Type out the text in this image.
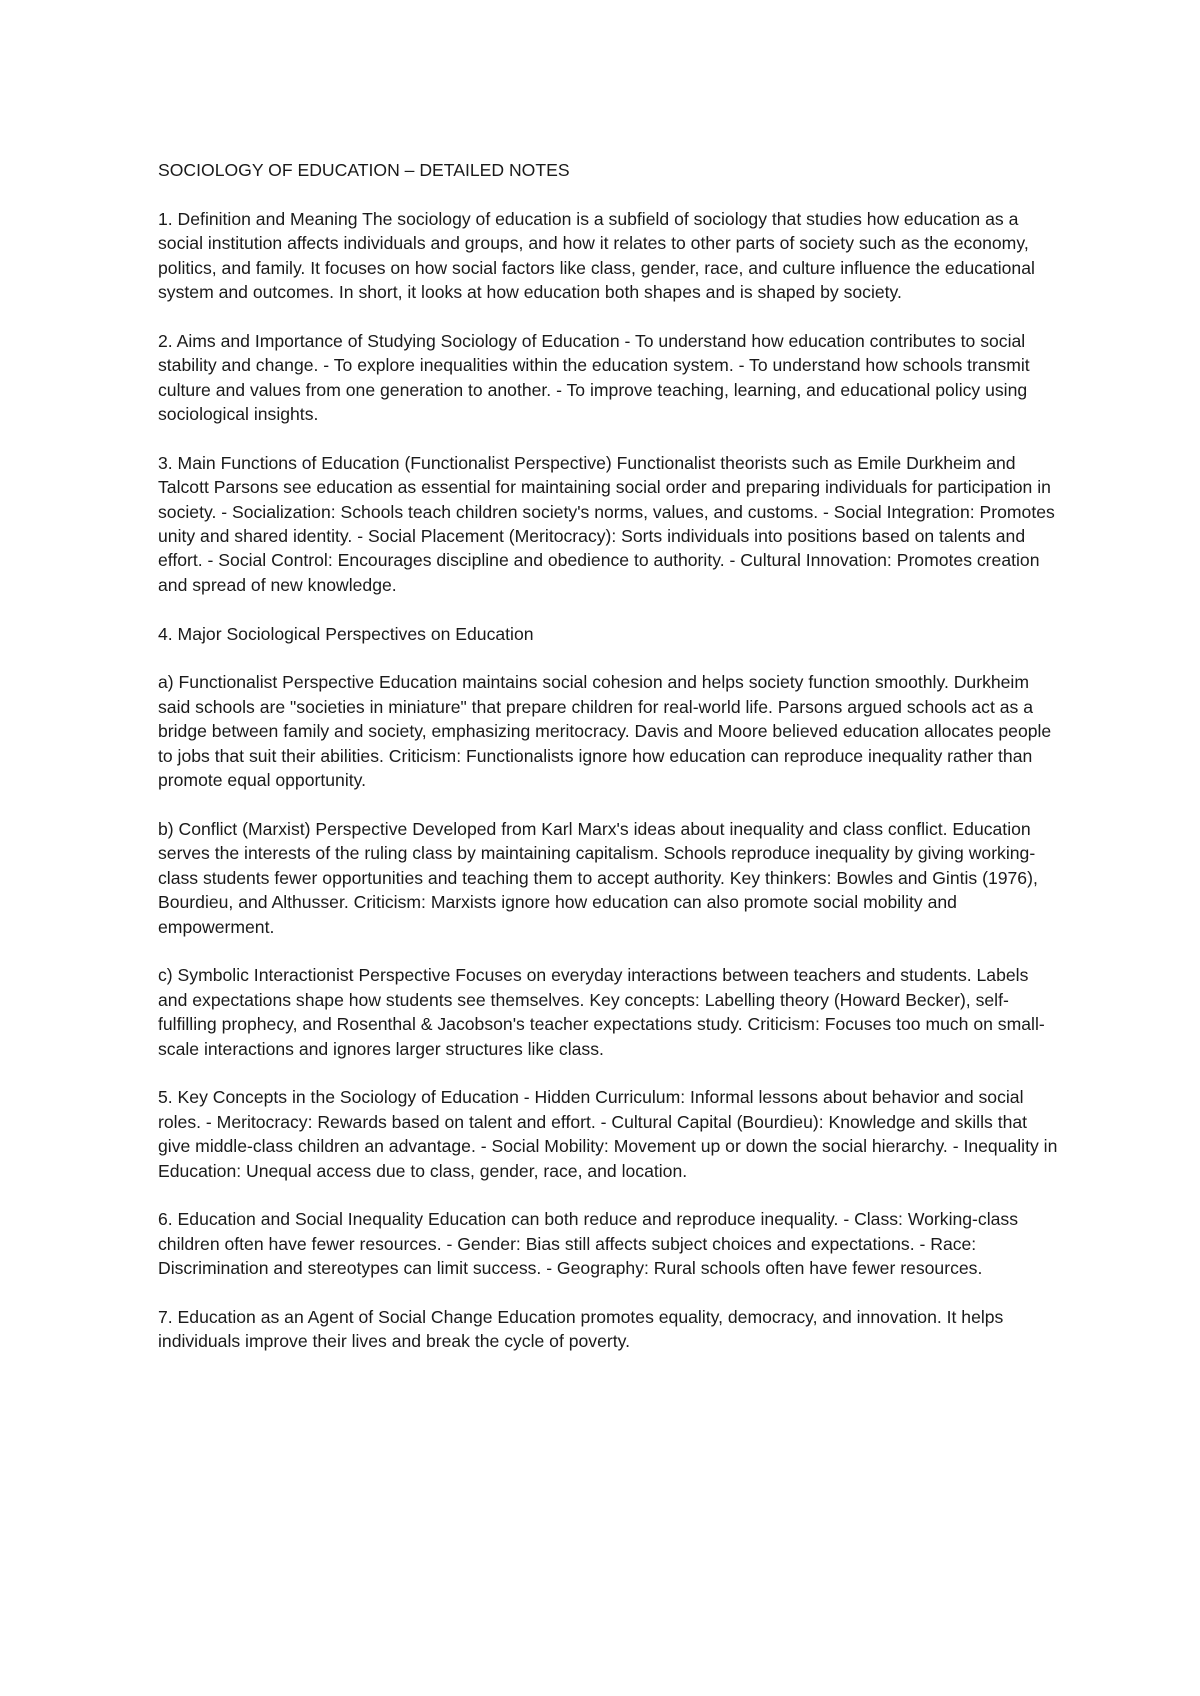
SOCIOLOGY OF EDUCATION – DETAILED NOTES

1. Definition and Meaning The sociology of education is a subfield of sociology that studies how education as a social institution affects individuals and groups, and how it relates to other parts of society such as the economy, politics, and family. It focuses on how social factors like class, gender, race, and culture influence the educational system and outcomes. In short, it looks at how education both shapes and is shaped by society.

2. Aims and Importance of Studying Sociology of Education - To understand how education contributes to social stability and change. - To explore inequalities within the education system. - To understand how schools transmit culture and values from one generation to another. - To improve teaching, learning, and educational policy using sociological insights.

3. Main Functions of Education (Functionalist Perspective) Functionalist theorists such as Emile Durkheim and Talcott Parsons see education as essential for maintaining social order and preparing individuals for participation in society. - Socialization: Schools teach children society's norms, values, and customs. - Social Integration: Promotes unity and shared identity. - Social Placement (Meritocracy): Sorts individuals into positions based on talents and effort. - Social Control: Encourages discipline and obedience to authority. - Cultural Innovation: Promotes creation and spread of new knowledge.

4. Major Sociological Perspectives on Education

a) Functionalist Perspective Education maintains social cohesion and helps society function smoothly. Durkheim said schools are "societies in miniature" that prepare children for real-world life. Parsons argued schools act as a bridge between family and society, emphasizing meritocracy. Davis and Moore believed education allocates people to jobs that suit their abilities. Criticism: Functionalists ignore how education can reproduce inequality rather than promote equal opportunity.

b) Conflict (Marxist) Perspective Developed from Karl Marx's ideas about inequality and class conflict. Education serves the interests of the ruling class by maintaining capitalism. Schools reproduce inequality by giving working-class students fewer opportunities and teaching them to accept authority. Key thinkers: Bowles and Gintis (1976), Bourdieu, and Althusser. Criticism: Marxists ignore how education can also promote social mobility and empowerment.

c) Symbolic Interactionist Perspective Focuses on everyday interactions between teachers and students. Labels and expectations shape how students see themselves. Key concepts: Labelling theory (Howard Becker), self-fulfilling prophecy, and Rosenthal & Jacobson's teacher expectations study. Criticism: Focuses too much on small-scale interactions and ignores larger structures like class.

5. Key Concepts in the Sociology of Education - Hidden Curriculum: Informal lessons about behavior and social roles. - Meritocracy: Rewards based on talent and effort. - Cultural Capital (Bourdieu): Knowledge and skills that give middle-class children an advantage. - Social Mobility: Movement up or down the social hierarchy. - Inequality in Education: Unequal access due to class, gender, race, and location.

6. Education and Social Inequality Education can both reduce and reproduce inequality. - Class: Working-class children often have fewer resources. - Gender: Bias still affects subject choices and expectations. - Race: Discrimination and stereotypes can limit success. - Geography: Rural schools often have fewer resources.

7. Education as an Agent of Social Change Education promotes equality, democracy, and innovation. It helps individuals improve their lives and break the cycle of poverty.
